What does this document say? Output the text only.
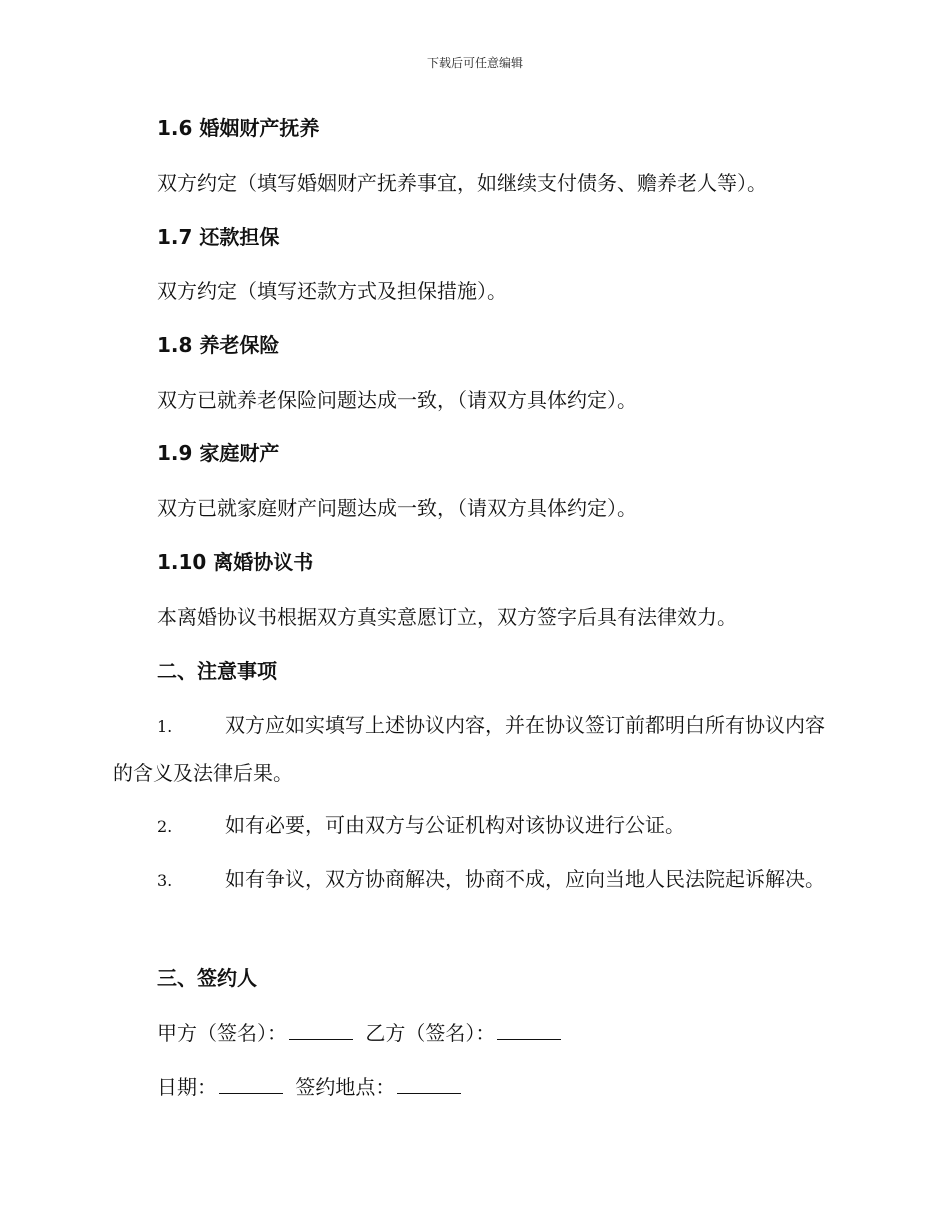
下载后可任意编辑
1.6 婚姻财产抚养
双方约定（填写婚姻财产抚养事宜，如继续支付债务、赡养老人等）。
1.7 还款担保
双方约定（填写还款方式及担保措施）。
1.8 养老保险
双方已就养老保险问题达成一致，（请双方具体约定）。
1.9 家庭财产
双方已就家庭财产问题达成一致，（请双方具体约定）。
1.10 离婚协议书
本离婚协议书根据双方真实意愿订立，双方签字后具有法律效力。
二、注意事项
1.	双方应如实填写上述协议内容，并在协议签订前都明白所有协议内容的含义及法律后果。
2.	如有必要，可由双方与公证机构对该协议进行公证。
3.	如有争议，双方协商解决，协商不成，应向当地人民法院起诉解决。
三、签约人
甲方（签名）：	乙方（签名）：
日期：	签约地点：
